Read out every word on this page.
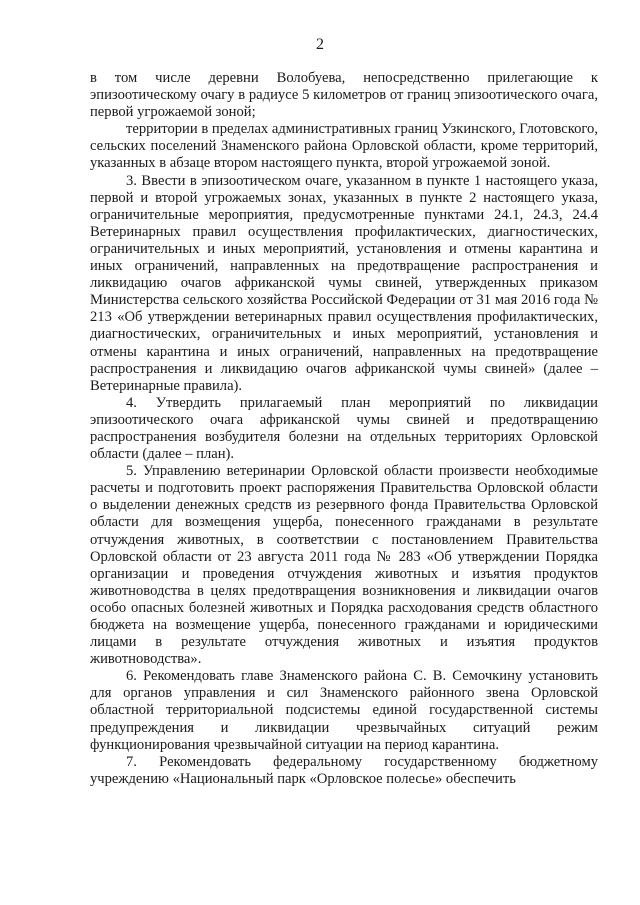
2

в том числе деревни Волобуева, непосредственно прилегающие к эпизоотическому очагу в радиусе 5 километров от границ эпизоотического очага, первой угрожаемой зоной;

территории в пределах административных границ Узкинского, Глотовского, сельских поселений Знаменского района Орловской области, кроме территорий, указанных в абзаце втором настоящего пункта, второй угрожаемой зоной.

3. Ввести в эпизоотическом очаге, указанном в пункте 1 настоящего указа, первой и второй угрожаемых зонах, указанных в пункте 2 настоящего указа, ограничительные мероприятия, предусмотренные пунктами 24.1, 24.3, 24.4 Ветеринарных правил осуществления профилактических, диагностических, ограничительных и иных мероприятий, установления и отмены карантина и иных ограничений, направленных на предотвращение распространения и ликвидацию очагов африканской чумы свиней, утвержденных приказом Министерства сельского хозяйства Российской Федерации от 31 мая 2016 года № 213 «Об утверждении ветеринарных правил осуществления профилактических, диагностических, ограничительных и иных мероприятий, установления и отмены карантина и иных ограничений, направленных на предотвращение распространения и ликвидацию очагов африканской чумы свиней» (далее – Ветеринарные правила).

4. Утвердить прилагаемый план мероприятий по ликвидации эпизоотического очага африканской чумы свиней и предотвращению распространения возбудителя болезни на отдельных территориях Орловской области (далее – план).

5. Управлению ветеринарии Орловской области произвести необходимые расчеты и подготовить проект распоряжения Правительства Орловской области о выделении денежных средств из резервного фонда Правительства Орловской области для возмещения ущерба, понесенного гражданами в результате отчуждения животных, в соответствии с постановлением Правительства Орловской области от 23 августа 2011 года № 283 «Об утверждении Порядка организации и проведения отчуждения животных и изъятия продуктов животноводства в целях предотвращения возникновения и ликвидации очагов особо опасных болезней животных и Порядка расходования средств областного бюджета на возмещение ущерба, понесенного гражданами и юридическими лицами в результате отчуждения животных и изъятия продуктов животноводства».

6. Рекомендовать главе Знаменского района С. В. Семочкину установить для органов управления и сил Знаменского районного звена Орловской областной территориальной подсистемы единой государственной системы предупреждения и ликвидации чрезвычайных ситуаций режим функционирования чрезвычайной ситуации на период карантина.

7. Рекомендовать федеральному государственному бюджетному учреждению «Национальный парк «Орловское полесье» обеспечить
